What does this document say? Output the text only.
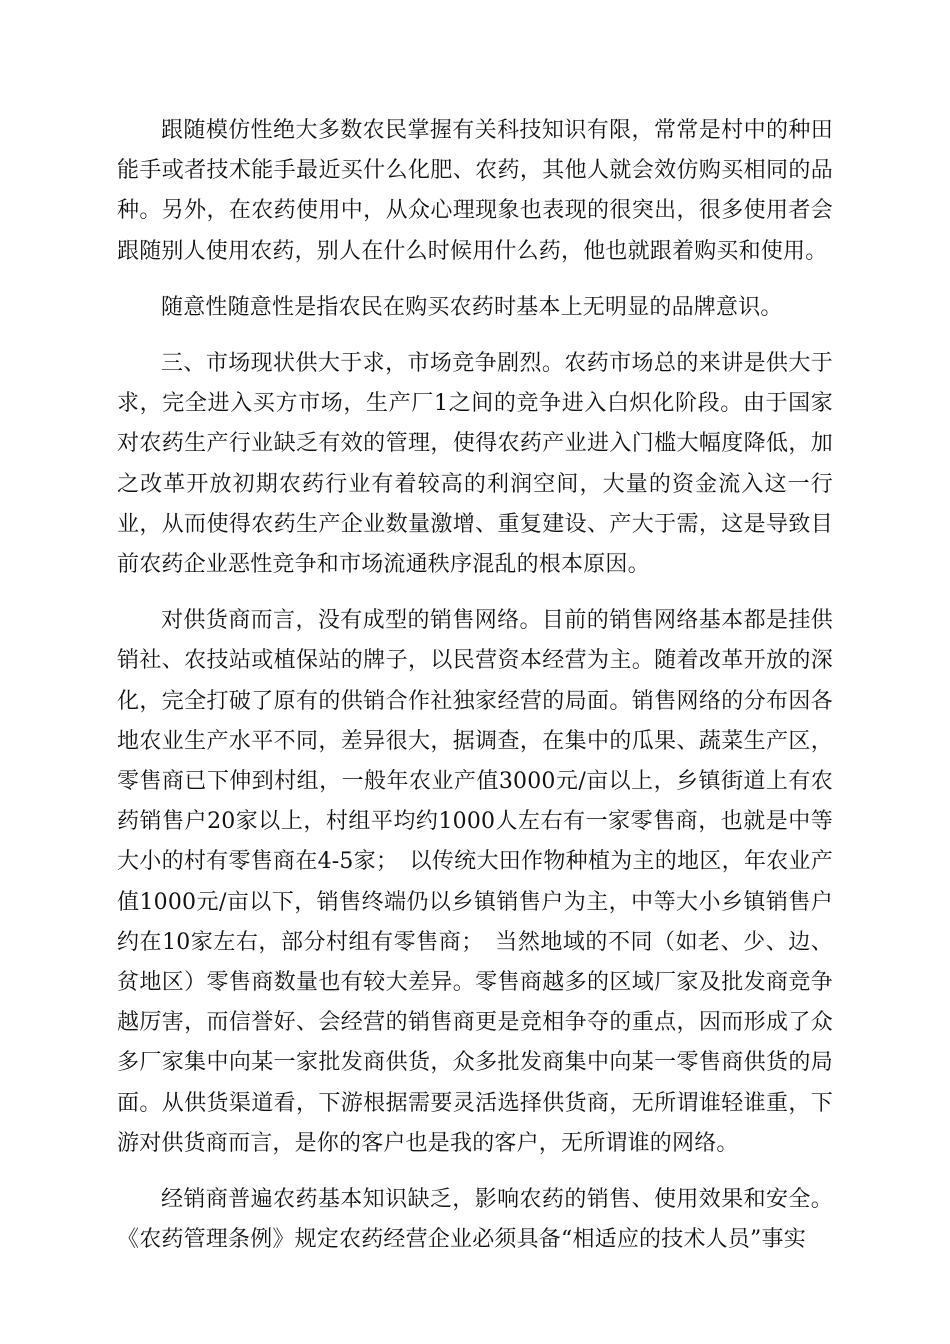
跟随模仿性绝大多数农民掌握有关科技知识有限，常常是村中的种田能手或者技术能手最近买什么化肥、农药，其他人就会效仿购买相同的品种。另外，在农药使用中，从众心理现象也表现的很突出，很多使用者会跟随别人使用农药，别人在什么时候用什么药，他也就跟着购买和使用。

随意性随意性是指农民在购买农药时基本上无明显的品牌意识。

三、市场现状供大于求，市场竞争剧烈。农药市场总的来讲是供大于求，完全进入买方市场，生产厂1之间的竞争进入白炽化阶段。由于国家对农药生产行业缺乏有效的管理，使得农药产业进入门槛大幅度降低，加之改革开放初期农药行业有着较高的利润空间，大量的资金流入这一行业，从而使得农药生产企业数量激增、重复建设、产大于需，这是导致目前农药企业恶性竞争和市场流通秩序混乱的根本原因。

对供货商而言，没有成型的销售网络。目前的销售网络基本都是挂供销社、农技站或植保站的牌子，以民营资本经营为主。随着改革开放的深化，完全打破了原有的供销合作社独家经营的局面。销售网络的分布因各地农业生产水平不同，差异很大，据调查，在集中的瓜果、蔬菜生产区，零售商已下伸到村组，一般年农业产值3000元/亩以上，乡镇街道上有农药销售户20家以上，村组平均约1000人左右有一家零售商，也就是中等大小的村有零售商在4-5家；　以传统大田作物种植为主的地区，年农业产值1000元/亩以下，销售终端仍以乡镇销售户为主，中等大小乡镇销售户约在10家左右，部分村组有零售商；　当然地域的不同（如老、少、边、贫地区）零售商数量也有较大差异。零售商越多的区域厂家及批发商竞争越厉害，而信誉好、会经营的销售商更是竞相争夺的重点，因而形成了众多厂家集中向某一家批发商供货，众多批发商集中向某一零售商供货的局面。从供货渠道看，下游根据需要灵活选择供货商，无所谓谁轻谁重，下游对供货商而言，是你的客户也是我的客户，无所谓谁的网络。

经销商普遍农药基本知识缺乏，影响农药的销售、使用效果和安全。《农药管理条例》规定农药经营企业必须具备“相适应的技术人员”事实
